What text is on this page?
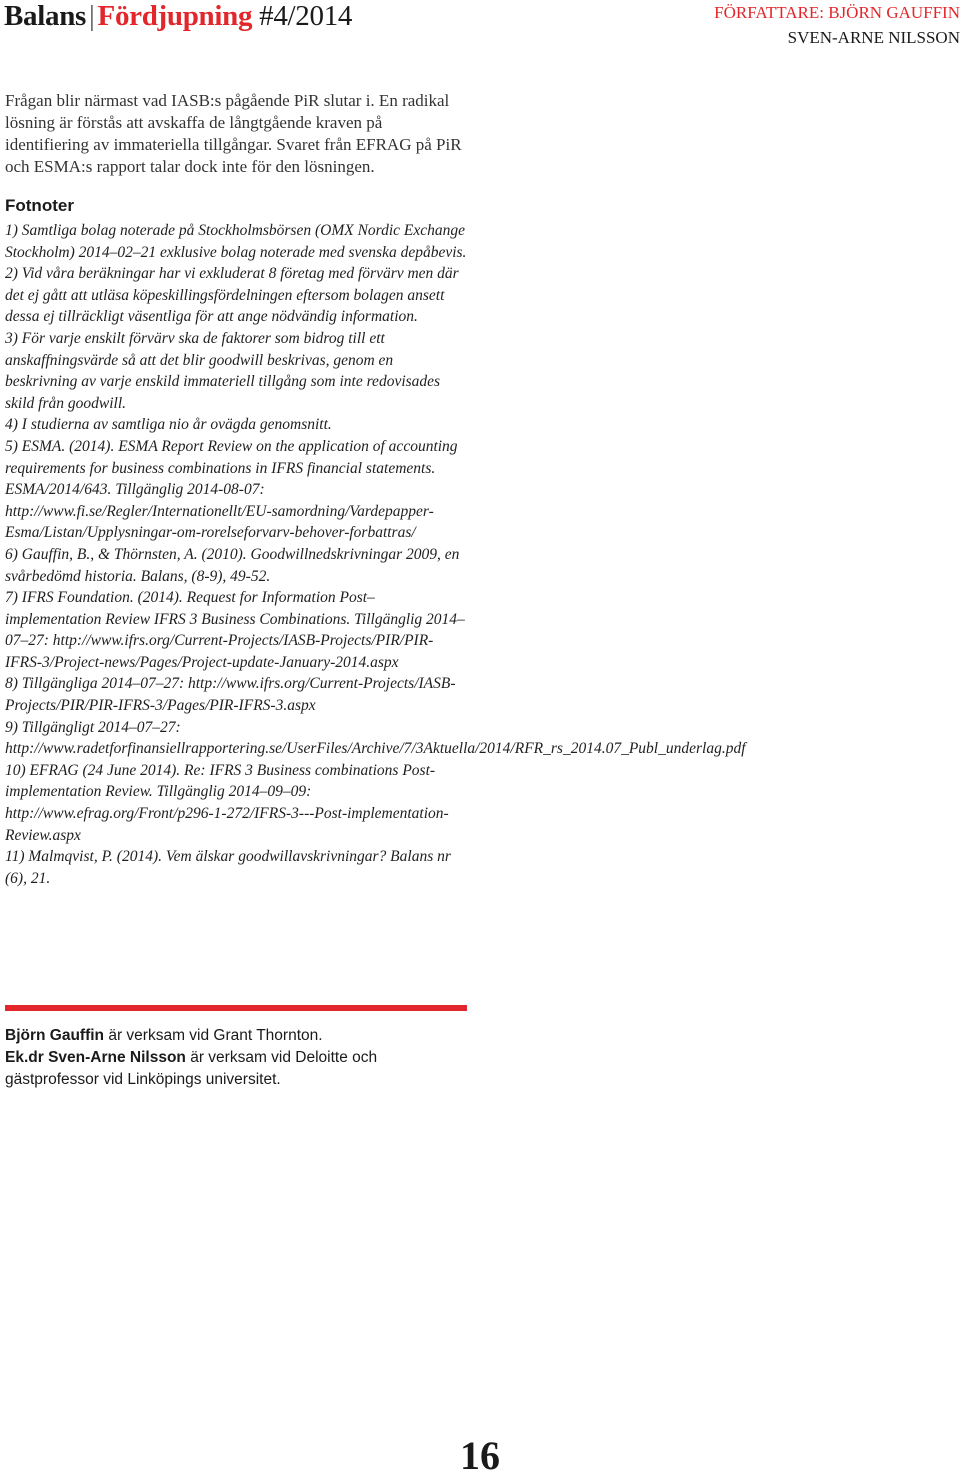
Balans | Fördjupning #4/2014	FÖRFATTARE: BJÖRN GAUFFIN
SVEN-ARNE NILSSON
Frågan blir närmast vad IASB:s pågående PiR slutar i. En radikal lösning är förstås att avskaffa de långtgående kraven på identifiering av immateriella tillgångar. Svaret från EFRAG på PiR och ESMA:s rapport talar dock inte för den lösningen.
Fotnoter

1) Samtliga bolag noterade på Stockholmsbörsen (OMX Nordic Exchange Stockholm) 2014–02–21 exklusive bolag noterade med svenska depåbevis.

2) Vid våra beräkningar har vi exkluderat 8 företag med förvärv men där det ej gått att utläsa köpeskillingsfördelningen eftersom bolagen ansett dessa ej tillräckligt väsentliga för att ange nödvändig information.

3) För varje enskilt förvärv ska de faktorer som bidrog till ett anskaffningsvärde så att det blir goodwill beskrivas, genom en beskrivning av varje enskild immateriell tillgång som inte redovisades skild från goodwill.

4) I studierna av samtliga nio år ovägda genomsnitt.

5) ESMA. (2014). ESMA Report Review on the application of accounting requirements for business combinations in IFRS financial statements. ESMA/2014/643. Tillgänglig 2014-08-07: http://www.fi.se/Regler/Internationellt/EU-samordning/Vardepapper-Esma/Listan/Upplysningar-om-rorelseforvarv-behover-forbattras/

6) Gauffin, B., & Thörnsten, A. (2010). Goodwillnedskrivningar 2009, en svårbedömd historia. Balans, (8-9), 49-52.

7) IFRS Foundation. (2014). Request for Information Post–implementation Review IFRS 3 Business Combinations. Tillgänglig 2014–07–27: http://www.ifrs.org/Current-Projects/IASB-Projects/PIR/PIR-IFRS-3/Project-news/Pages/Project-update-January-2014.aspx

8) Tillgängliga 2014–07–27: http://www.ifrs.org/Current-Projects/IASB-Projects/PIR/PIR-IFRS-3/Pages/PIR-IFRS-3.aspx

9) Tillgängligt 2014–07–27: http://www.radetforfinansiellrapportering.se/UserFiles/Archive/7/3Aktuella/2014/RFR_rs_2014.07_Publ_underlag.pdf

10) EFRAG (24 June 2014). Re: IFRS 3 Business combinations Post-implementation Review. Tillgänglig 2014–09–09: http://www.efrag.org/Front/p296-1-272/IFRS-3---Post-implementation-Review.aspx

11) Malmqvist, P. (2014). Vem älskar goodwillavskrivningar? Balans nr (6), 21.

Björn Gauffin är verksam vid Grant Thornton.

Ek.dr Sven-Arne Nilsson är verksam vid Deloitte och gästprofessor vid Linköpings universitet.

16
